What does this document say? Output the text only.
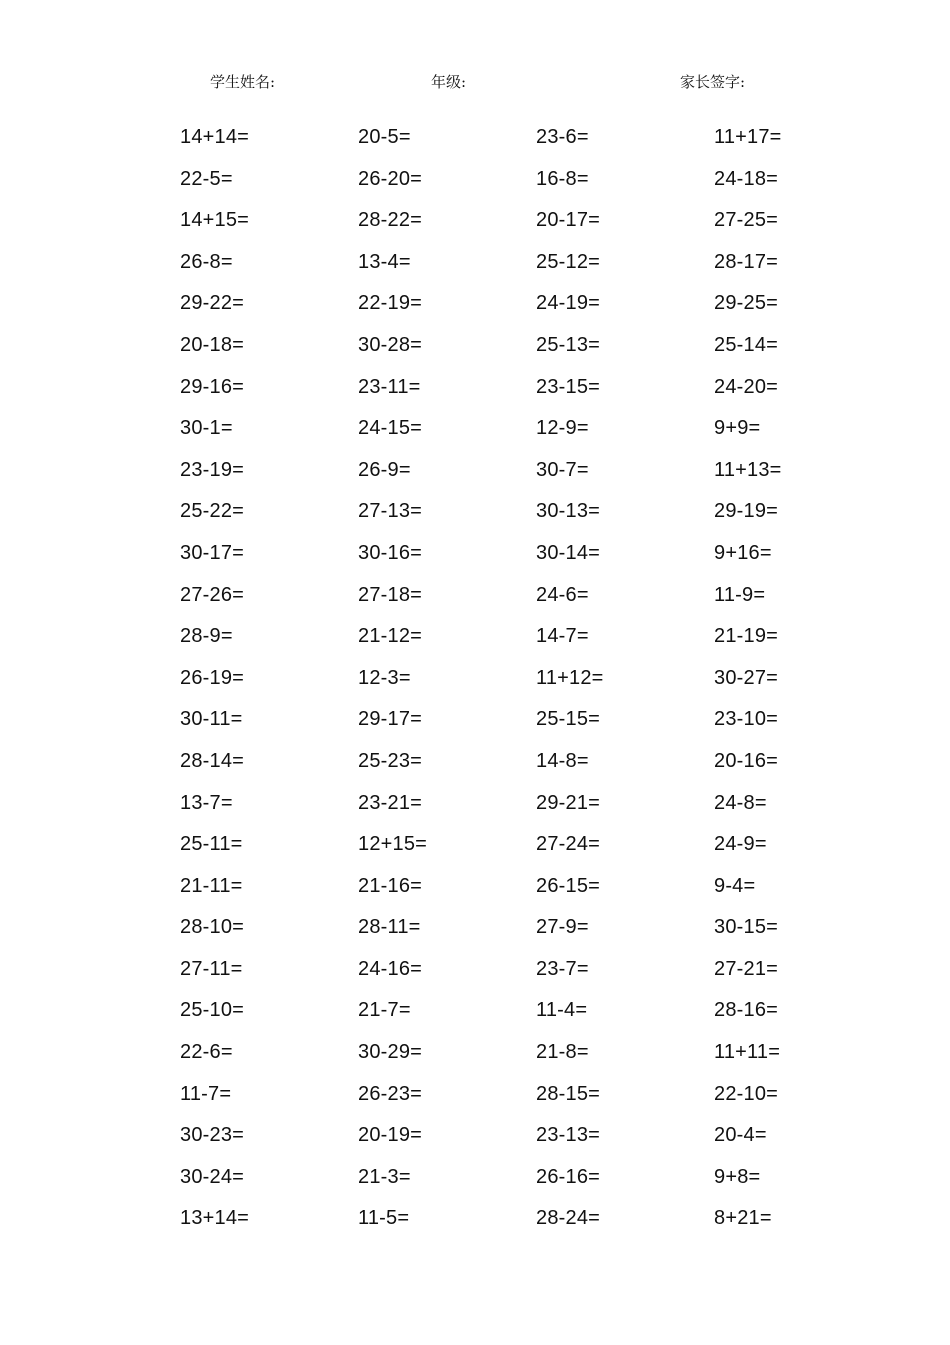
学生姓名:	年级:	家长签字:
14+14=	20-5=	23-6=	11+17=
22-5=	26-20=	16-8=	24-18=
14+15=	28-22=	20-17=	27-25=
26-8=	13-4=	25-12=	28-17=
29-22=	22-19=	24-19=	29-25=
20-18=	30-28=	25-13=	25-14=
29-16=	23-11=	23-15=	24-20=
30-1=	24-15=	12-9=	9+9=
23-19=	26-9=	30-7=	11+13=
25-22=	27-13=	30-13=	29-19=
30-17=	30-16=	30-14=	9+16=
27-26=	27-18=	24-6=	11-9=
28-9=	21-12=	14-7=	21-19=
26-19=	12-3=	11+12=	30-27=
30-11=	29-17=	25-15=	23-10=
28-14=	25-23=	14-8=	20-16=
13-7=	23-21=	29-21=	24-8=
25-11=	12+15=	27-24=	24-9=
21-11=	21-16=	26-15=	9-4=
28-10=	28-11=	27-9=	30-15=
27-11=	24-16=	23-7=	27-21=
25-10=	21-7=	11-4=	28-16=
22-6=	30-29=	21-8=	11+11=
11-7=	26-23=	28-15=	22-10=
30-23=	20-19=	23-13=	20-4=
30-24=	21-3=	26-16=	9+8=
13+14=	11-5=	28-24=	8+21=
